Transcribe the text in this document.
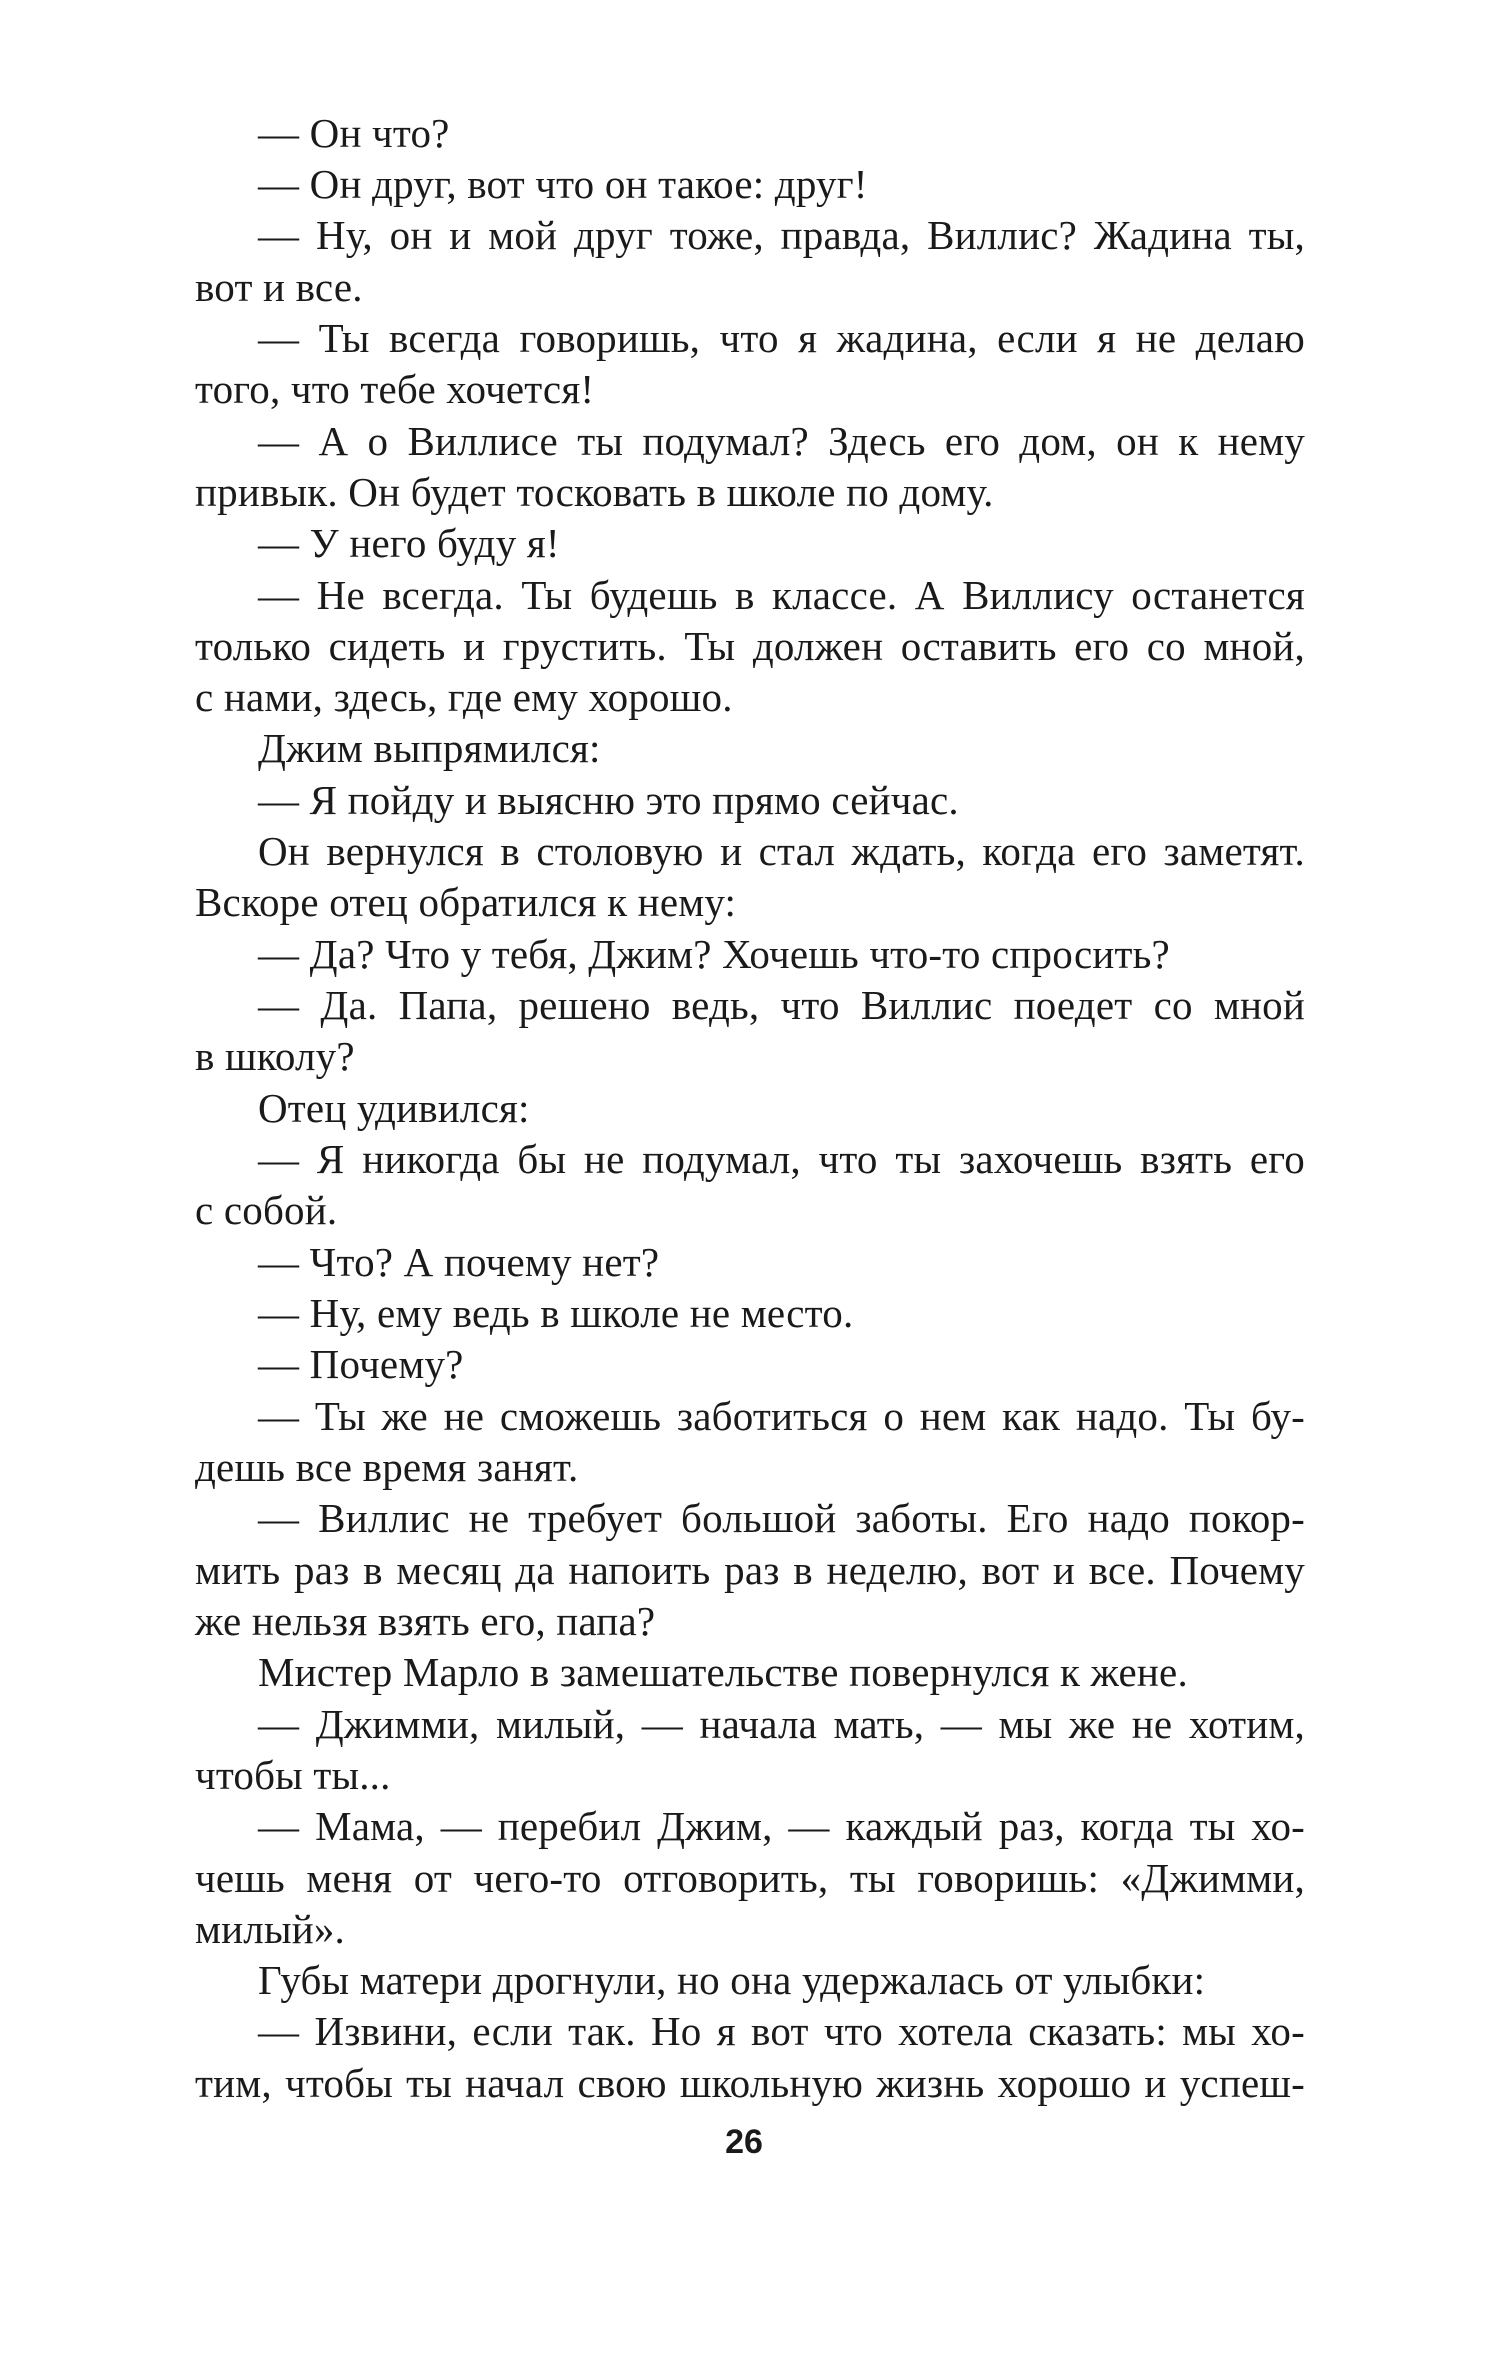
— Он что?
— Он друг, вот что он такое: друг!
— Ну, он и мой друг тоже, правда, Виллис? Жадина ты,
вот и все.
— Ты всегда говоришь, что я жадина, если я не делаю
того, что тебе хочется!
— А о Виллисе ты подумал? Здесь его дом, он к нему
привык. Он будет тосковать в школе по дому.
— У него буду я!
— Не всегда. Ты будешь в классе. А Виллису останется
только сидеть и грустить. Ты должен оставить его со мной,
с нами, здесь, где ему хорошо.
Джим выпрямился:
— Я пойду и выясню это прямо сейчас.
Он вернулся в столовую и стал ждать, когда его заметят.
Вскоре отец обратился к нему:
— Да? Что у тебя, Джим? Хочешь что-то спросить?
— Да. Папа, решено ведь, что Виллис поедет со мной
в школу?
Отец удивился:
— Я никогда бы не подумал, что ты захочешь взять его
с собой.
— Что? А почему нет?
— Ну, ему ведь в школе не место.
— Почему?
— Ты же не сможешь заботиться о нем как надо. Ты бу-
дешь все время занят.
— Виллис не требует большой заботы. Его надо покор-
мить раз в месяц да напоить раз в неделю, вот и все. Почему
же нельзя взять его, папа?
Мистер Марло в замешательстве повернулся к жене.
— Джимми, милый, — начала мать, — мы же не хотим,
чтобы ты...
— Мама, — перебил Джим, — каждый раз, когда ты хо-
чешь меня от чего-то отговорить, ты говоришь: «Джимми,
милый».
Губы матери дрогнули, но она удержалась от улыбки:
— Извини, если так. Но я вот что хотела сказать: мы хо-
тим, чтобы ты начал свою школьную жизнь хорошо и успеш-
26
